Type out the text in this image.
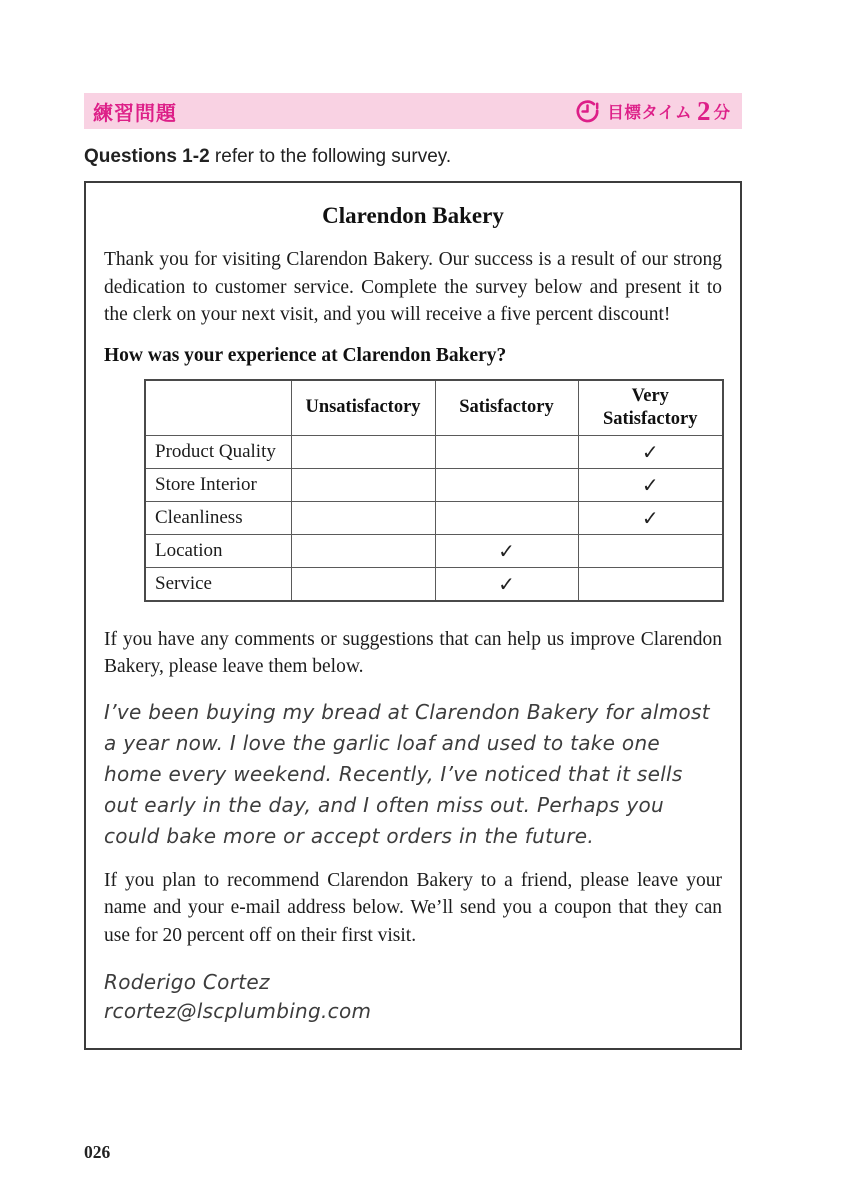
練習問題	目標タイム 2 分
Questions 1-2 refer to the following survey.
Clarendon Bakery

Thank you for visiting Clarendon Bakery. Our success is a result of our strong dedication to customer service. Complete the survey below and present it to the clerk on your next visit, and you will receive a five percent discount!

How was your experience at Clarendon Bakery?
	Unsatisfactory	Satisfactory	Very Satisfactory
Product Quality			✓
Store Interior			✓
Cleanliness			✓
Location		✓	
Service		✓	

If you have any comments or suggestions that can help us improve Clarendon Bakery, please leave them below.

I’ve been buying my bread at Clarendon Bakery for almost a year now. I love the garlic loaf and used to take one home every weekend. Recently, I’ve noticed that it sells out early in the day, and I often miss out. Perhaps you could bake more or accept orders in the future.

If you plan to recommend Clarendon Bakery to a friend, please leave your name and your e-mail address below. We’ll send you a coupon that they can use for 20 percent off on their first visit.

Roderigo Cortez
rcortez@lscplumbing.com
026
